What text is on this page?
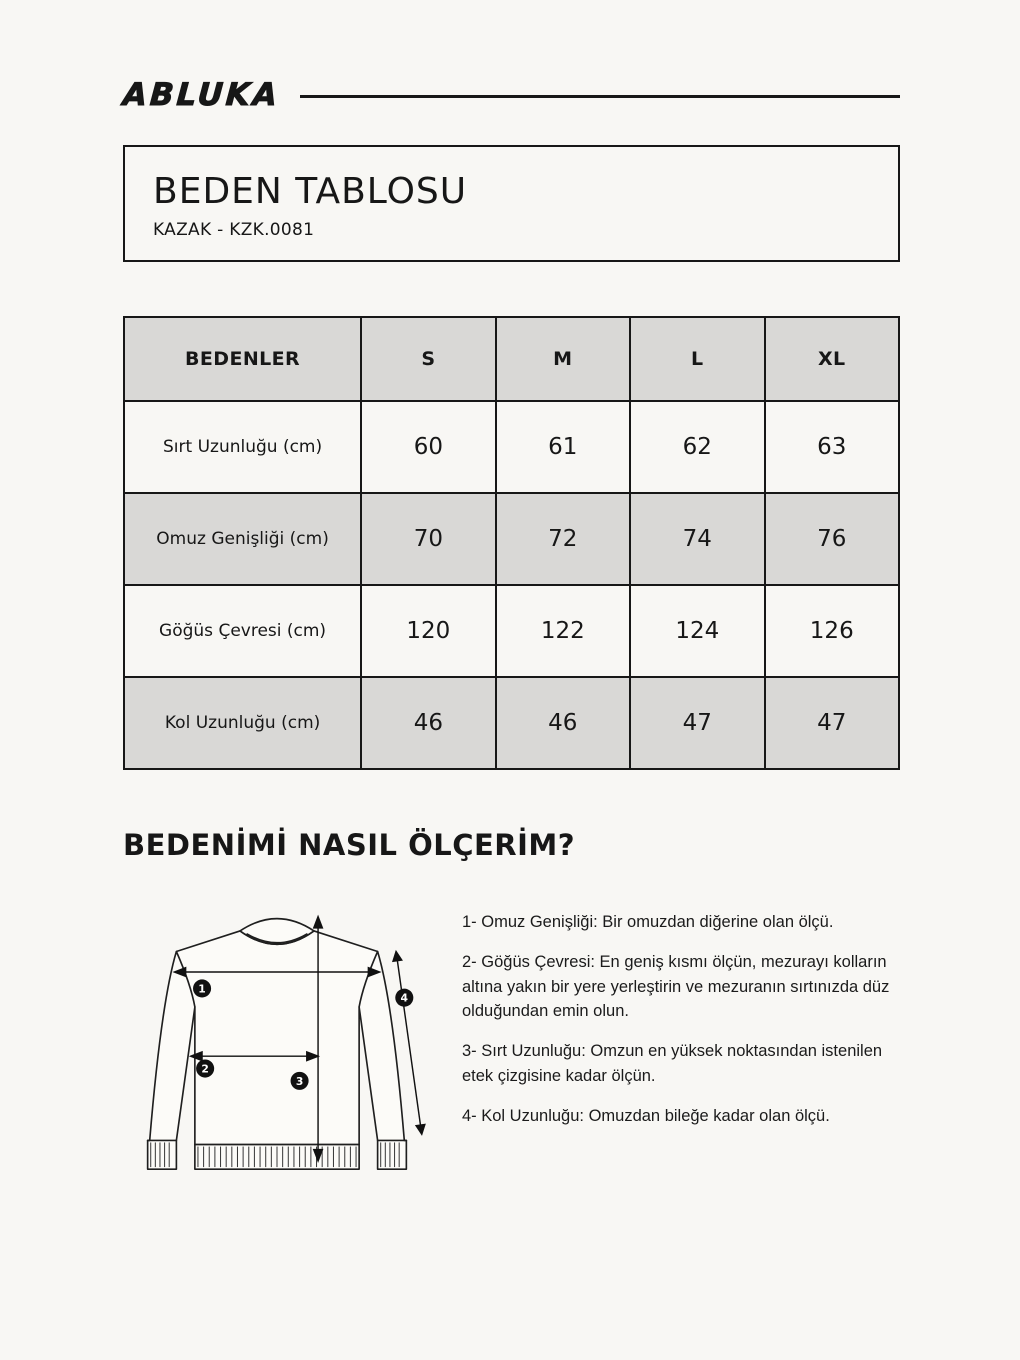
ABLUKA
BEDEN TABLOSU

KAZAK - KZK.0081

BEDENLER	S	M	L	XL
Sırt Uzunluğu (cm)	60	61	62	63
Omuz Genişliği (cm)	70	72	74	76
Göğüs Çevresi (cm)	120	122	124	126
Kol Uzunluğu (cm)	46	46	47	47
BEDENİMİ NASIL ÖLÇERİM?
1
2
3
4

1- Omuz Genişliği: Bir omuzdan diğerine olan ölçü.

2- Göğüs Çevresi: En geniş kısmı ölçün, mezurayı kolların altına yakın bir yere yerleştirin ve mezuranın sırtınızda düz olduğundan emin olun.

3- Sırt Uzunluğu: Omzun en yüksek noktasından istenilen etek çizgisine kadar ölçün.

4- Kol Uzunluğu: Omuzdan bileğe kadar olan ölçü.
